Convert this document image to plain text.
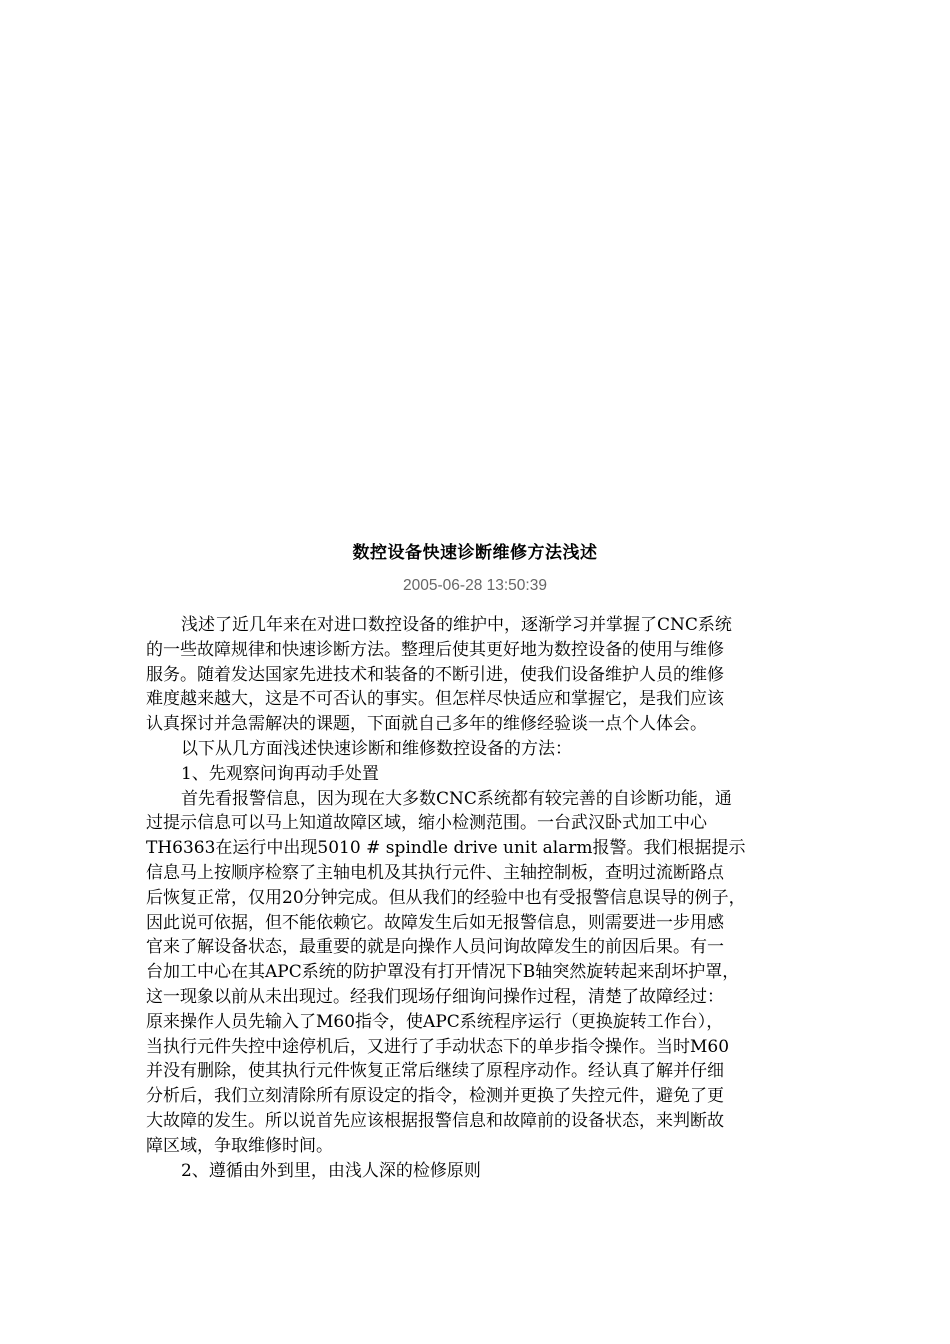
数控设备快速诊断维修方法浅述
2005-06-28 13:50:39
浅述了近几年来在对进口数控设备的维护中，逐渐学习并掌握了CNC系统
的一些故障规律和快速诊断方法。整理后使其更好地为数控设备的使用与维修
服务。随着发达国家先进技术和装备的不断引进，使我们设备维护人员的维修
难度越来越大，这是不可否认的事实。但怎样尽快适应和掌握它，是我们应该
认真探讨并急需解决的课题，下面就自己多年的维修经验谈一点个人体会。
以下从几方面浅述快速诊断和维修数控设备的方法：
1、先观察问询再动手处置
首先看报警信息，因为现在大多数CNC系统都有较完善的自诊断功能，通
过提示信息可以马上知道故障区域，缩小检测范围。一台武汉卧式加工中心
TH6363在运行中出现5010 # spindle drive unit alarm报警。我们根据提示
信息马上按顺序检察了主轴电机及其执行元件、主轴控制板，查明过流断路点
后恢复正常，仅用20分钟完成。但从我们的经验中也有受报警信息误导的例子，
因此说可依据，但不能依赖它。故障发生后如无报警信息，则需要进一步用感
官来了解设备状态，最重要的就是向操作人员问询故障发生的前因后果。有一
台加工中心在其APC系统的防护罩没有打开情况下B轴突然旋转起来刮坏护罩，
这一现象以前从未出现过。经我们现场仔细询问操作过程，清楚了故障经过：
原来操作人员先输入了M60指令，使APC系统程序运行（更换旋转工作台），
当执行元件失控中途停机后，又进行了手动状态下的单步指令操作。当时M60
并没有删除，使其执行元件恢复正常后继续了原程序动作。经认真了解并仔细
分析后，我们立刻清除所有原设定的指令，检测并更换了失控元件，避免了更
大故障的发生。所以说首先应该根据报警信息和故障前的设备状态，来判断故
障区域，争取维修时间。
2、遵循由外到里，由浅人深的检修原则
